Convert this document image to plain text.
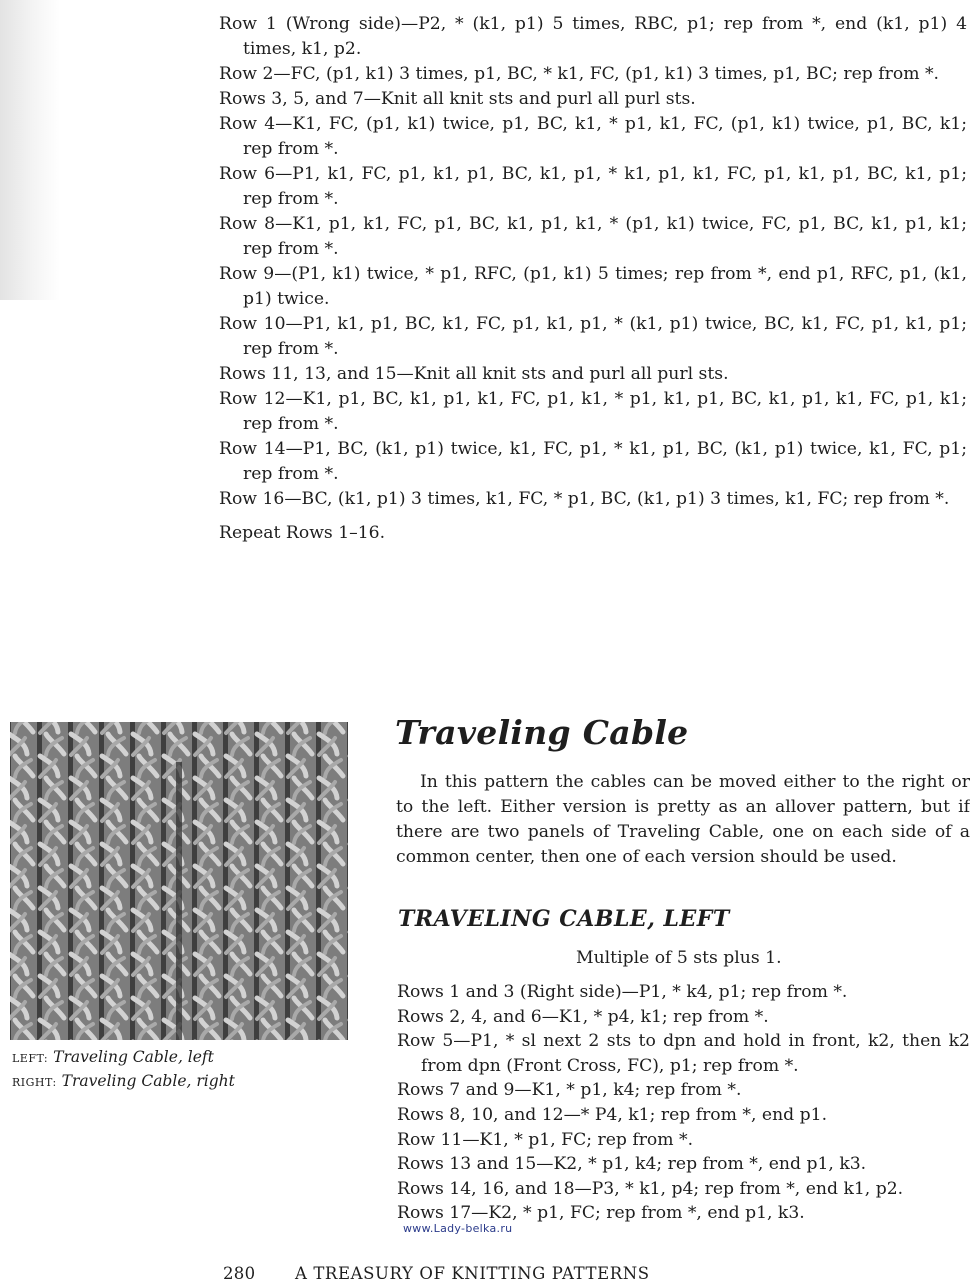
Row 1 (Wrong side)—P2, * (k1, p1) 5 times, RBC, p1; rep from *, end (k1, p1) 4 times, k1, p2.

Row 2—FC, (p1, k1) 3 times, p1, BC, * k1, FC, (p1, k1) 3 times, p1, BC; rep from *.

Rows 3, 5, and 7—Knit all knit sts and purl all purl sts.

Row 4—K1, FC, (p1, k1) twice, p1, BC, k1, * p1, k1, FC, (p1, k1) twice, p1, BC, k1; rep from *.

Row 6—P1, k1, FC, p1, k1, p1, BC, k1, p1, * k1, p1, k1, FC, p1, k1, p1, BC, k1, p1; rep from *.

Row 8—K1, p1, k1, FC, p1, BC, k1, p1, k1, * (p1, k1) twice, FC, p1, BC, k1, p1, k1; rep from *.

Row 9—(P1, k1) twice, * p1, RFC, (p1, k1) 5 times; rep from *, end p1, RFC, p1, (k1, p1) twice.

Row 10—P1, k1, p1, BC, k1, FC, p1, k1, p1, * (k1, p1) twice, BC, k1, FC, p1, k1, p1; rep from *.

Rows 11, 13, and 15—Knit all knit sts and purl all purl sts.

Row 12—K1, p1, BC, k1, p1, k1, FC, p1, k1, * p1, k1, p1, BC, k1, p1, k1, FC, p1, k1; rep from *.

Row 14—P1, BC, (k1, p1) twice, k1, FC, p1, * k1, p1, BC, (k1, p1) twice, k1, FC, p1; rep from *.

Row 16—BC, (k1, p1) 3 times, k1, FC, * p1, BC, (k1, p1) 3 times, k1, FC; rep from *.

Repeat Rows 1–16.

LEFT: Traveling Cable, left
RIGHT: Traveling Cable, right
Traveling Cable

In this pattern the cables can be moved either to the right or to the left. Either version is pretty as an allover pattern, but if there are two panels of Traveling Cable, one on each side of a common center, then one of each version should be used.

TRAVELING CABLE, LEFT

Multiple of 5 sts plus 1.

Rows 1 and 3 (Right side)—P1, * k4, p1; rep from *.

Rows 2, 4, and 6—K1, * p4, k1; rep from *.

Row 5—P1, * sl next 2 sts to dpn and hold in front, k2, then k2 from dpn (Front Cross, FC), p1; rep from *.

Rows 7 and 9—K1, * p1, k4; rep from *.

Rows 8, 10, and 12—* P4, k1; rep from *, end p1.

Row 11—K1, * p1, FC; rep from *.

Rows 13 and 15—K2, * p1, k4; rep from *, end p1, k3.

Rows 14, 16, and 18—P3, * k1, p4; rep from *, end k1, p2.

Rows 17—K2, * p1, FC; rep from *, end p1, k3.

www.Lady-belka.ru
280 A TREASURY OF KNITTING PATTERNS
